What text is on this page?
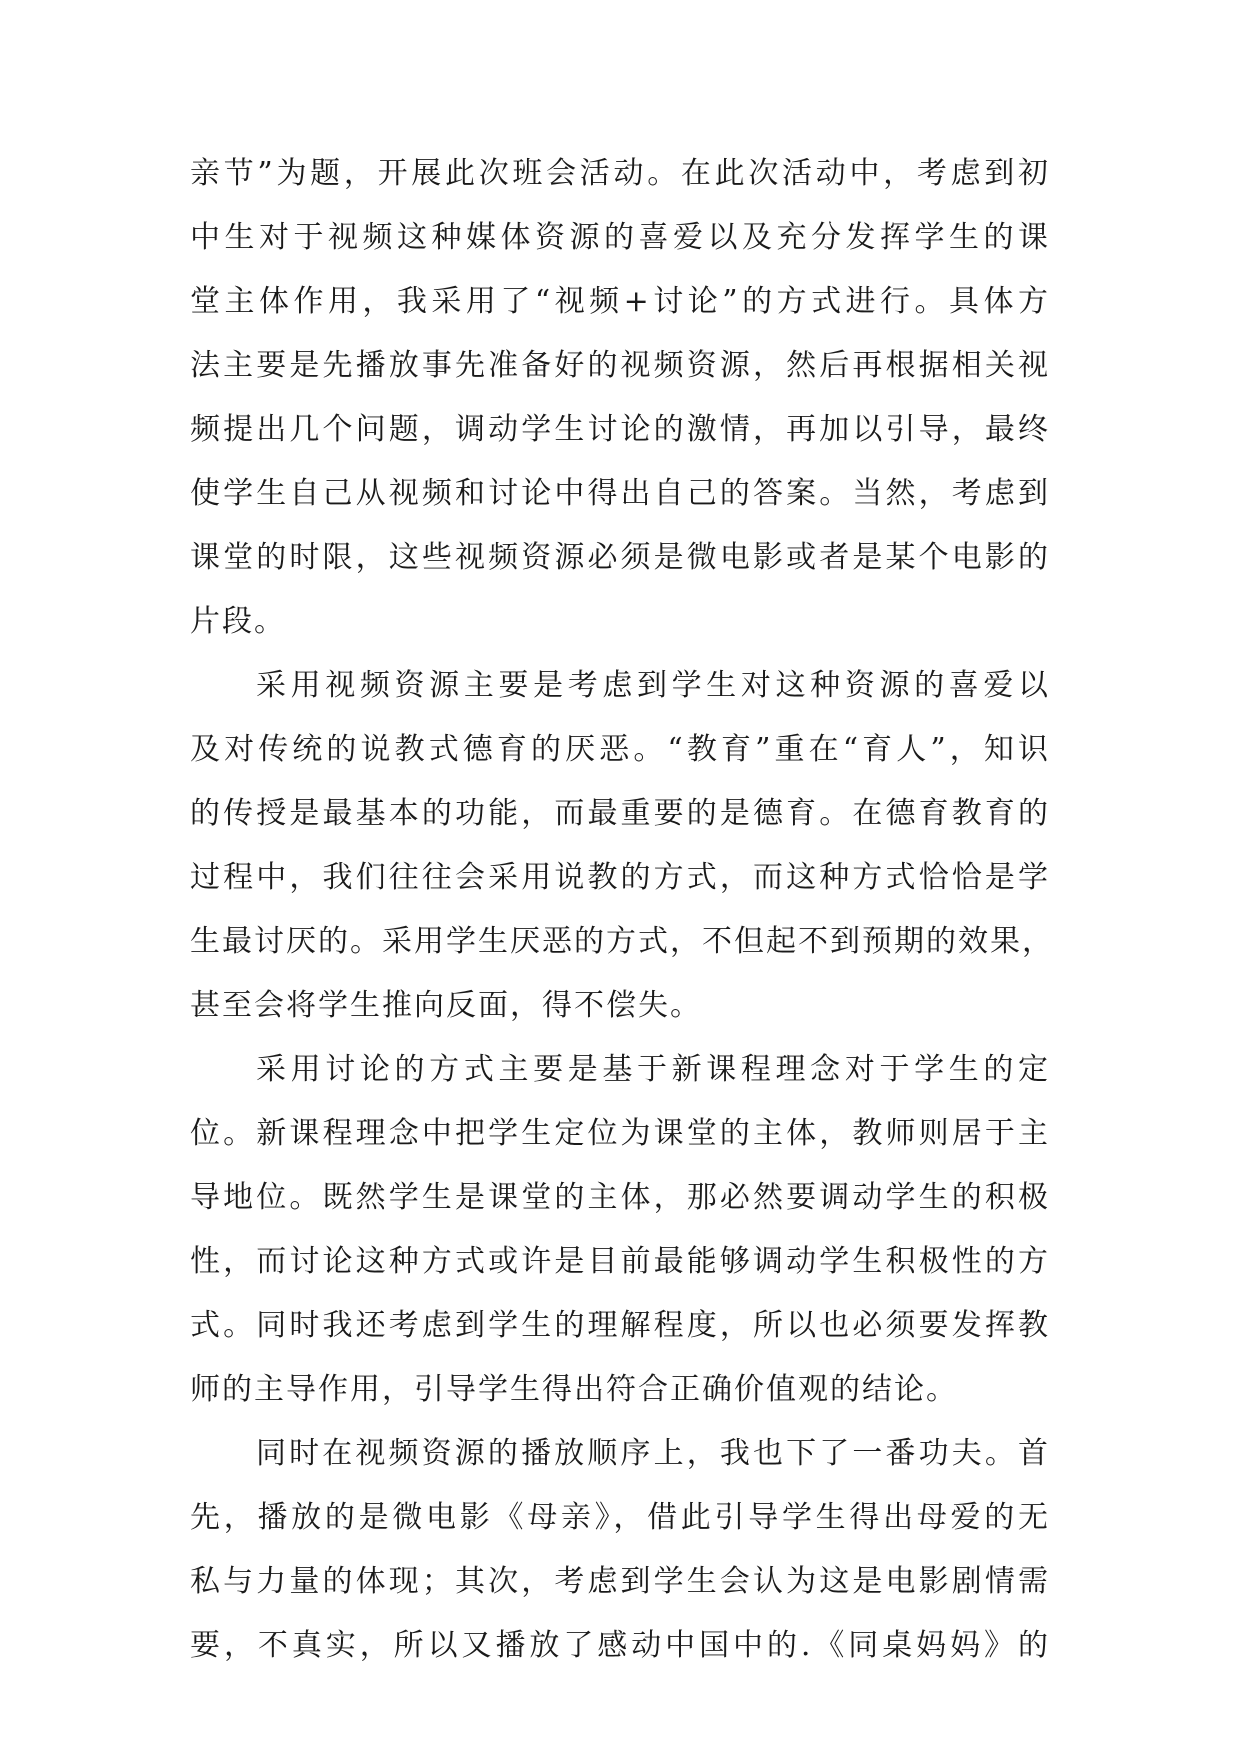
亲节”为题，开展此次班会活动。在此次活动中，考虑到初
中生对于视频这种媒体资源的喜爱以及充分发挥学生的课
堂主体作用，我采用了“视频+讨论”的方式进行。具体方
法主要是先播放事先准备好的视频资源，然后再根据相关视
频提出几个问题，调动学生讨论的激情，再加以引导，最终
使学生自己从视频和讨论中得出自己的答案。当然，考虑到
课堂的时限，这些视频资源必须是微电影或者是某个电影的
片段。
采用视频资源主要是考虑到学生对这种资源的喜爱以
及对传统的说教式德育的厌恶。“教育”重在“育人”，知识
的传授是最基本的功能，而最重要的是德育。在德育教育的
过程中，我们往往会采用说教的方式，而这种方式恰恰是学
生最讨厌的。采用学生厌恶的方式，不但起不到预期的效果，
甚至会将学生推向反面，得不偿失。
采用讨论的方式主要是基于新课程理念对于学生的定
位。新课程理念中把学生定位为课堂的主体，教师则居于主
导地位。既然学生是课堂的主体，那必然要调动学生的积极
性，而讨论这种方式或许是目前最能够调动学生积极性的方
式。同时我还考虑到学生的理解程度，所以也必须要发挥教
师的主导作用，引导学生得出符合正确价值观的结论。
同时在视频资源的播放顺序上，我也下了一番功夫。首
先，播放的是微电影《母亲》，借此引导学生得出母爱的无
私与力量的体现；其次，考虑到学生会认为这是电影剧情需
要，不真实，所以又播放了感动中国中的.《同桌妈妈》的
